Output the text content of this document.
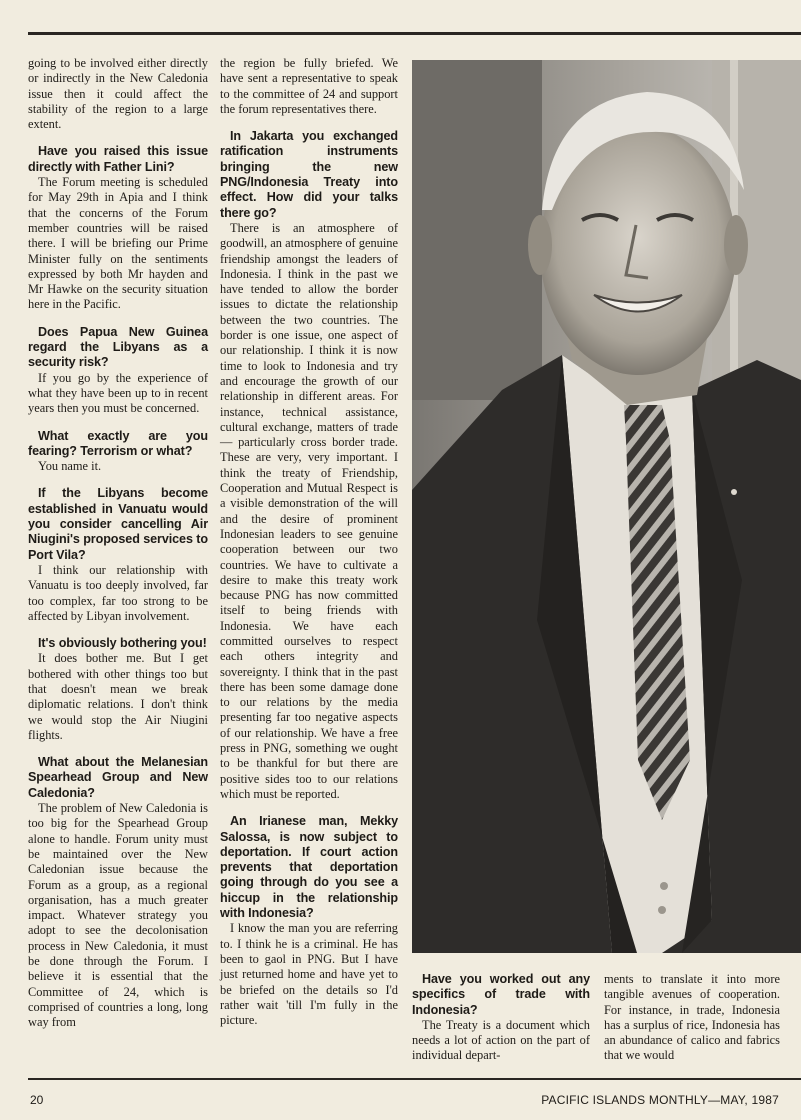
going to be involved either directly or indirectly in the New Caledonia issue then it could affect the stability of the region to a large extent.

Have you raised this issue directly with Father Lini?

The Forum meeting is scheduled for May 29th in Apia and I think that the concerns of the Forum member countries will be raised there. I will be briefing our Prime Minister fully on the sentiments expressed by both Mr hayden and Mr Hawke on the security situation here in the Pacific.

Does Papua New Guinea regard the Libyans as a security risk?

If you go by the experience of what they have been up to in recent years then you must be concerned.

What exactly are you fearing? Terrorism or what?

You name it.

If the Libyans become established in Vanuatu would you consider cancelling Air Niugini's proposed services to Port Vila?

I think our relationship with Vanuatu is too deeply involved, far too complex, far too strong to be affected by Libyan involvement.

It's obviously bothering you!

It does bother me. But I get bothered with other things too but that doesn't mean we break diplomatic relations. I don't think we would stop the Air Niugini flights.

What about the Melanesian Spearhead Group and New Caledonia?

The problem of New Caledonia is too big for the Spearhead Group alone to handle. Forum unity must be maintained over the New Caledonian issue because the Forum as a group, as a regional organisation, has a much greater impact. Whatever strategy you adopt to see the decolonisation process in New Caledonia, it must be done through the Forum. I believe it is essential that the Committee of 24, which is comprised of countries a long, long way from

the region be fully briefed. We have sent a representative to speak to the committee of 24 and support the forum representatives there.

In Jakarta you exchanged ratification instruments bringing the new PNG/Indonesia Treaty into effect. How did your talks there go?

There is an atmosphere of goodwill, an atmosphere of genuine friendship amongst the leaders of Indonesia. I think in the past we have tended to allow the border issues to dictate the relationship between the two countries. The border is one issue, one aspect of our relationship. I think it is now time to look to Indonesia and try and encourage the growth of our relationship in different areas. For instance, technical assistance, cultural exchange, matters of trade — particularly cross border trade. These are very, very important. I think the treaty of Friendship, Cooperation and Mutual Respect is a visible demonstration of the will and the desire of prominent Indonesian leaders to see genuine cooperation between our two countries. We have to cultivate a desire to make this treaty work because PNG has now committed itself to being friends with Indonesia. We have each committed ourselves to respect each others integrity and sovereignty. I think that in the past there has been some damage done to our relations by the media presenting far too negative aspects of our relationship. We have a free press in PNG, something we ought to be thankful for but there are positive sides too to our relations which must be reported.

An Irianese man, Mekky Salossa, is now subject to deportation. If court action prevents that deportation going through do you see a hiccup in the relationship with Indonesia?

I know the man you are referring to. I think he is a criminal. He has been to gaol in PNG. But I have just returned home and have yet to be briefed on the details so I'd rather wait 'till I'm fully in the picture.

Have you worked out any specifics of trade with Indonesia?

The Treaty is a document which needs a lot of action on the part of individual depart-

ments to translate it into more tangible avenues of cooperation. For instance, in trade, Indonesia has a surplus of rice, Indonesia has an abundance of calico and fabrics that we would

20	PACIFIC ISLANDS MONTHLY—MAY, 1987
